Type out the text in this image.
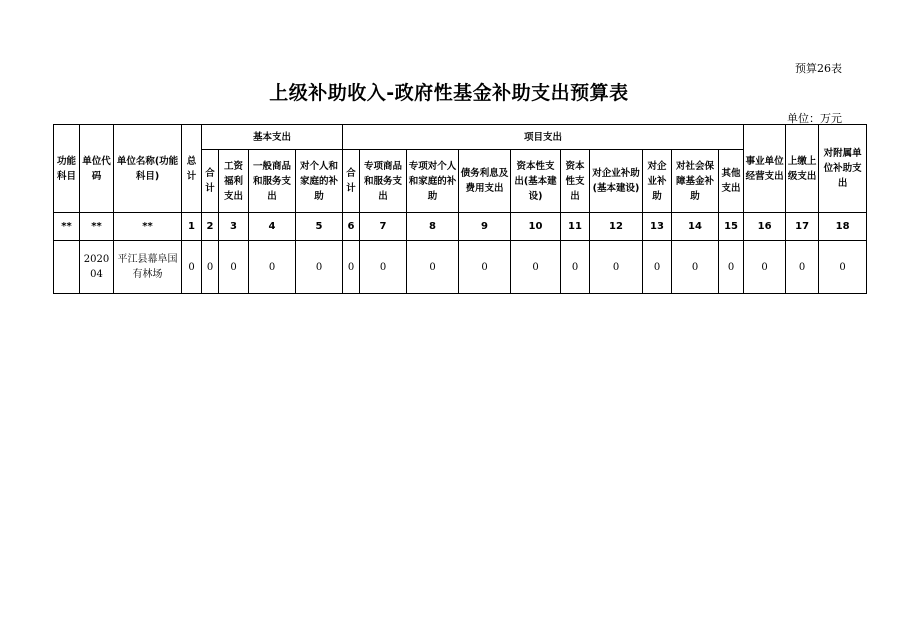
预算26表
上级补助收入-政府性基金补助支出预算表
单位：万元
功能科目	单位代码	单位名称(功能科目)	总计	基本支出				项目支出										事业单位经营支出	上缴上级支出	对附属单位补助支出
				合计	工资福利支出	一般商品和服务支出	对个人和家庭的补助	合计	专项商品和服务支出	专项对个人和家庭的补助	债务利息及费用支出	资本性支出(基本建设)	资本性支出	对企业补助(基本建设)	对企业补助	对社会保障基金补助	其他支出			
**	**	**	1	2	3	4	5	6	7	8	9	10	11	12	13	14	15	16	17	18
	202004	平江县幕阜国有林场	0	0	0	0	0	0	0	0	0	0	0	0	0	0	0	0	0	0
